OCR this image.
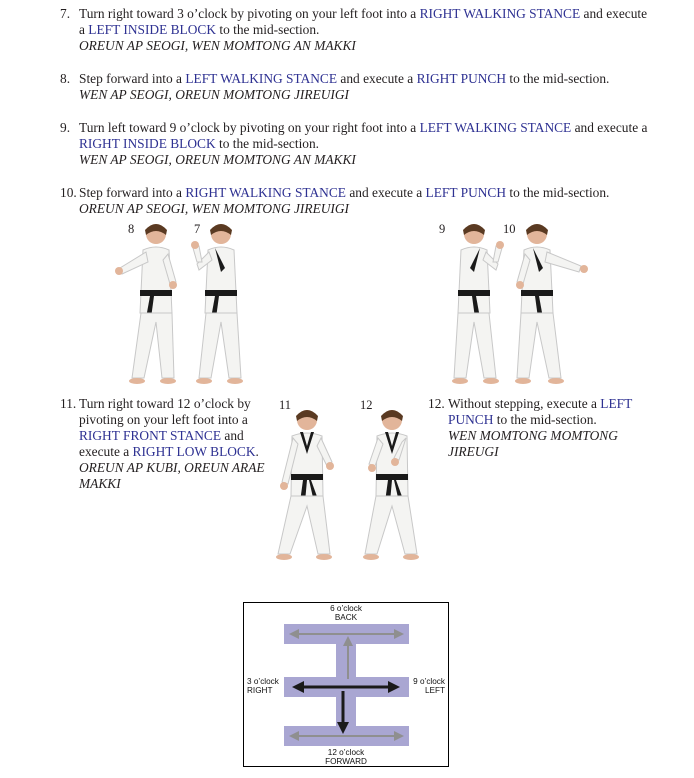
7. Turn right toward 3 o’clock by pivoting on your left foot into a RIGHT WALKING STANCE and execute a LEFT INSIDE BLOCK to the mid-section.
OREUN AP SEOGI, WEN MOMTONG AN MAKKI
8. Step forward into a LEFT WALKING STANCE and execute a RIGHT PUNCH to the mid-section.
WEN AP SEOGI, OREUN MOMTONG JIREUIGI
9. Turn left toward 9 o’clock by pivoting on your right foot into a LEFT WALKING STANCE and execute a RIGHT INSIDE BLOCK to the mid-section.
WEN AP SEOGI, OREUN MOMTONG AN MAKKI
10. Step forward into a RIGHT WALKING STANCE and execute a LEFT PUNCH to the mid-section.
OREUN AP SEOGI, WEN MOMTONG JIREUIGI
8	7	9	10
11. Turn right toward 12 o’clock by pivoting on your left foot into a RIGHT FRONT STANCE and execute a RIGHT LOW BLOCK.
OREUN AP KUBI, OREUN ARAE MAKKI
12. Without stepping, execute a LEFT PUNCH to the mid-section.
WEN MOMTONG MOMTONG JIREUGI
11	12
6 o’clock
BACK
3 o’clock
RIGHT
9 o’clock
LEFT
12 o’clock
FORWARD
